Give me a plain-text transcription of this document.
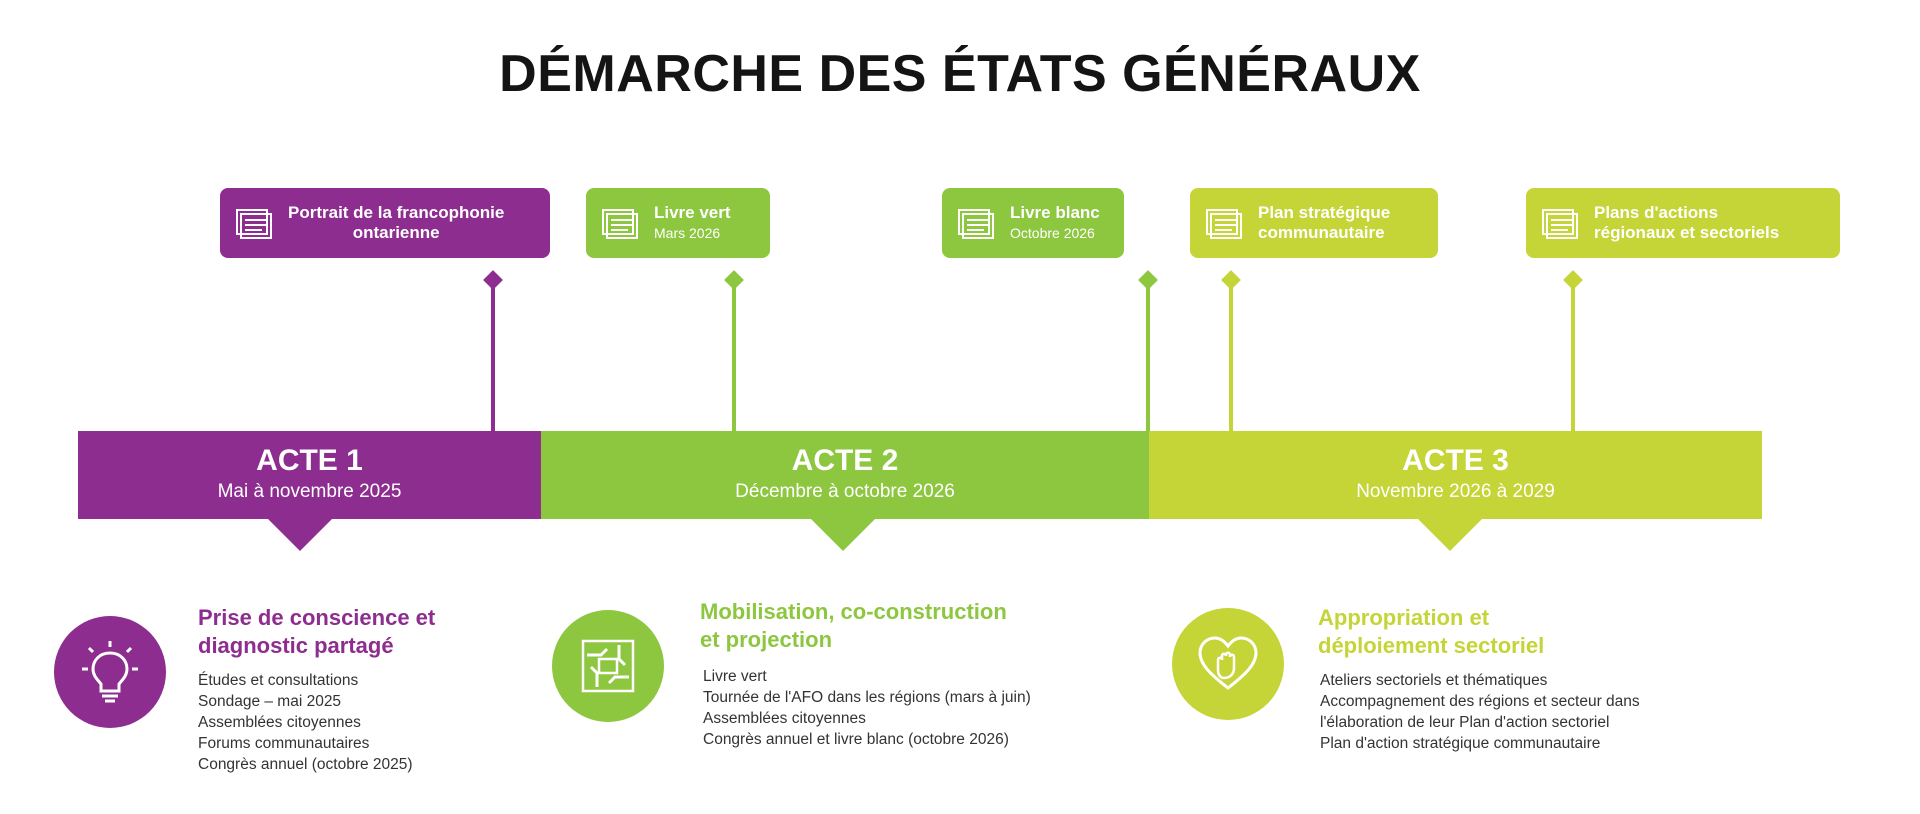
DÉMARCHE DES ÉTATS GÉNÉRAUX
Portrait de la francophonie
ontarienne
Livre vert
Mars 2026
Livre blanc
Octobre 2026
Plan stratégique
communautaire
Plans d'actions
régionaux et sectoriels
ACTE 1
Mai à novembre 2025
ACTE 2
Décembre à octobre 2026
ACTE 3
Novembre 2026 à 2029
Prise de conscience et
diagnostic partagé
Études et consultations
Sondage – mai 2025
Assemblées citoyennes
Forums communautaires
Congrès annuel (octobre 2025)
Mobilisation, co-construction
et projection
Livre vert
Tournée de l'AFO dans les régions (mars à juin)
Assemblées citoyennes
Congrès annuel et livre blanc (octobre 2026)
Appropriation et
déploiement sectoriel
Ateliers sectoriels et thématiques
Accompagnement des régions et secteur dans
l'élaboration de leur Plan d'action sectoriel
Plan d'action stratégique communautaire
